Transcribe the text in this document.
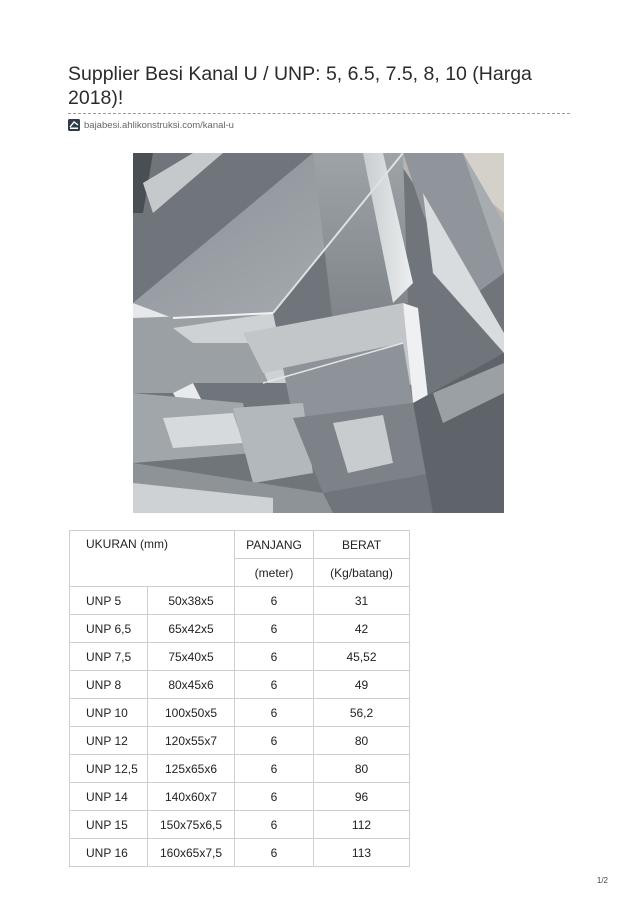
Supplier Besi Kanal U / UNP: 5, 6.5, 7.5, 8, 10 (Harga 2018)!
bajabesi.ahlikonstruksi.com/kanal-u
UKURAN (mm)		PANJANG	BERAT
		(meter)	(Kg/batang)
UNP 5	50x38x5	6	31
UNP 6,5	65x42x5	6	42
UNP 7,5	75x40x5	6	45,52
UNP 8	80x45x6	6	49
UNP 10	100x50x5	6	56,2
UNP 12	120x55x7	6	80
UNP 12,5	125x65x6	6	80
UNP 14	140x60x7	6	96
UNP 15	150x75x6,5	6	112
UNP 16	160x65x7,5	6	113
1/2
